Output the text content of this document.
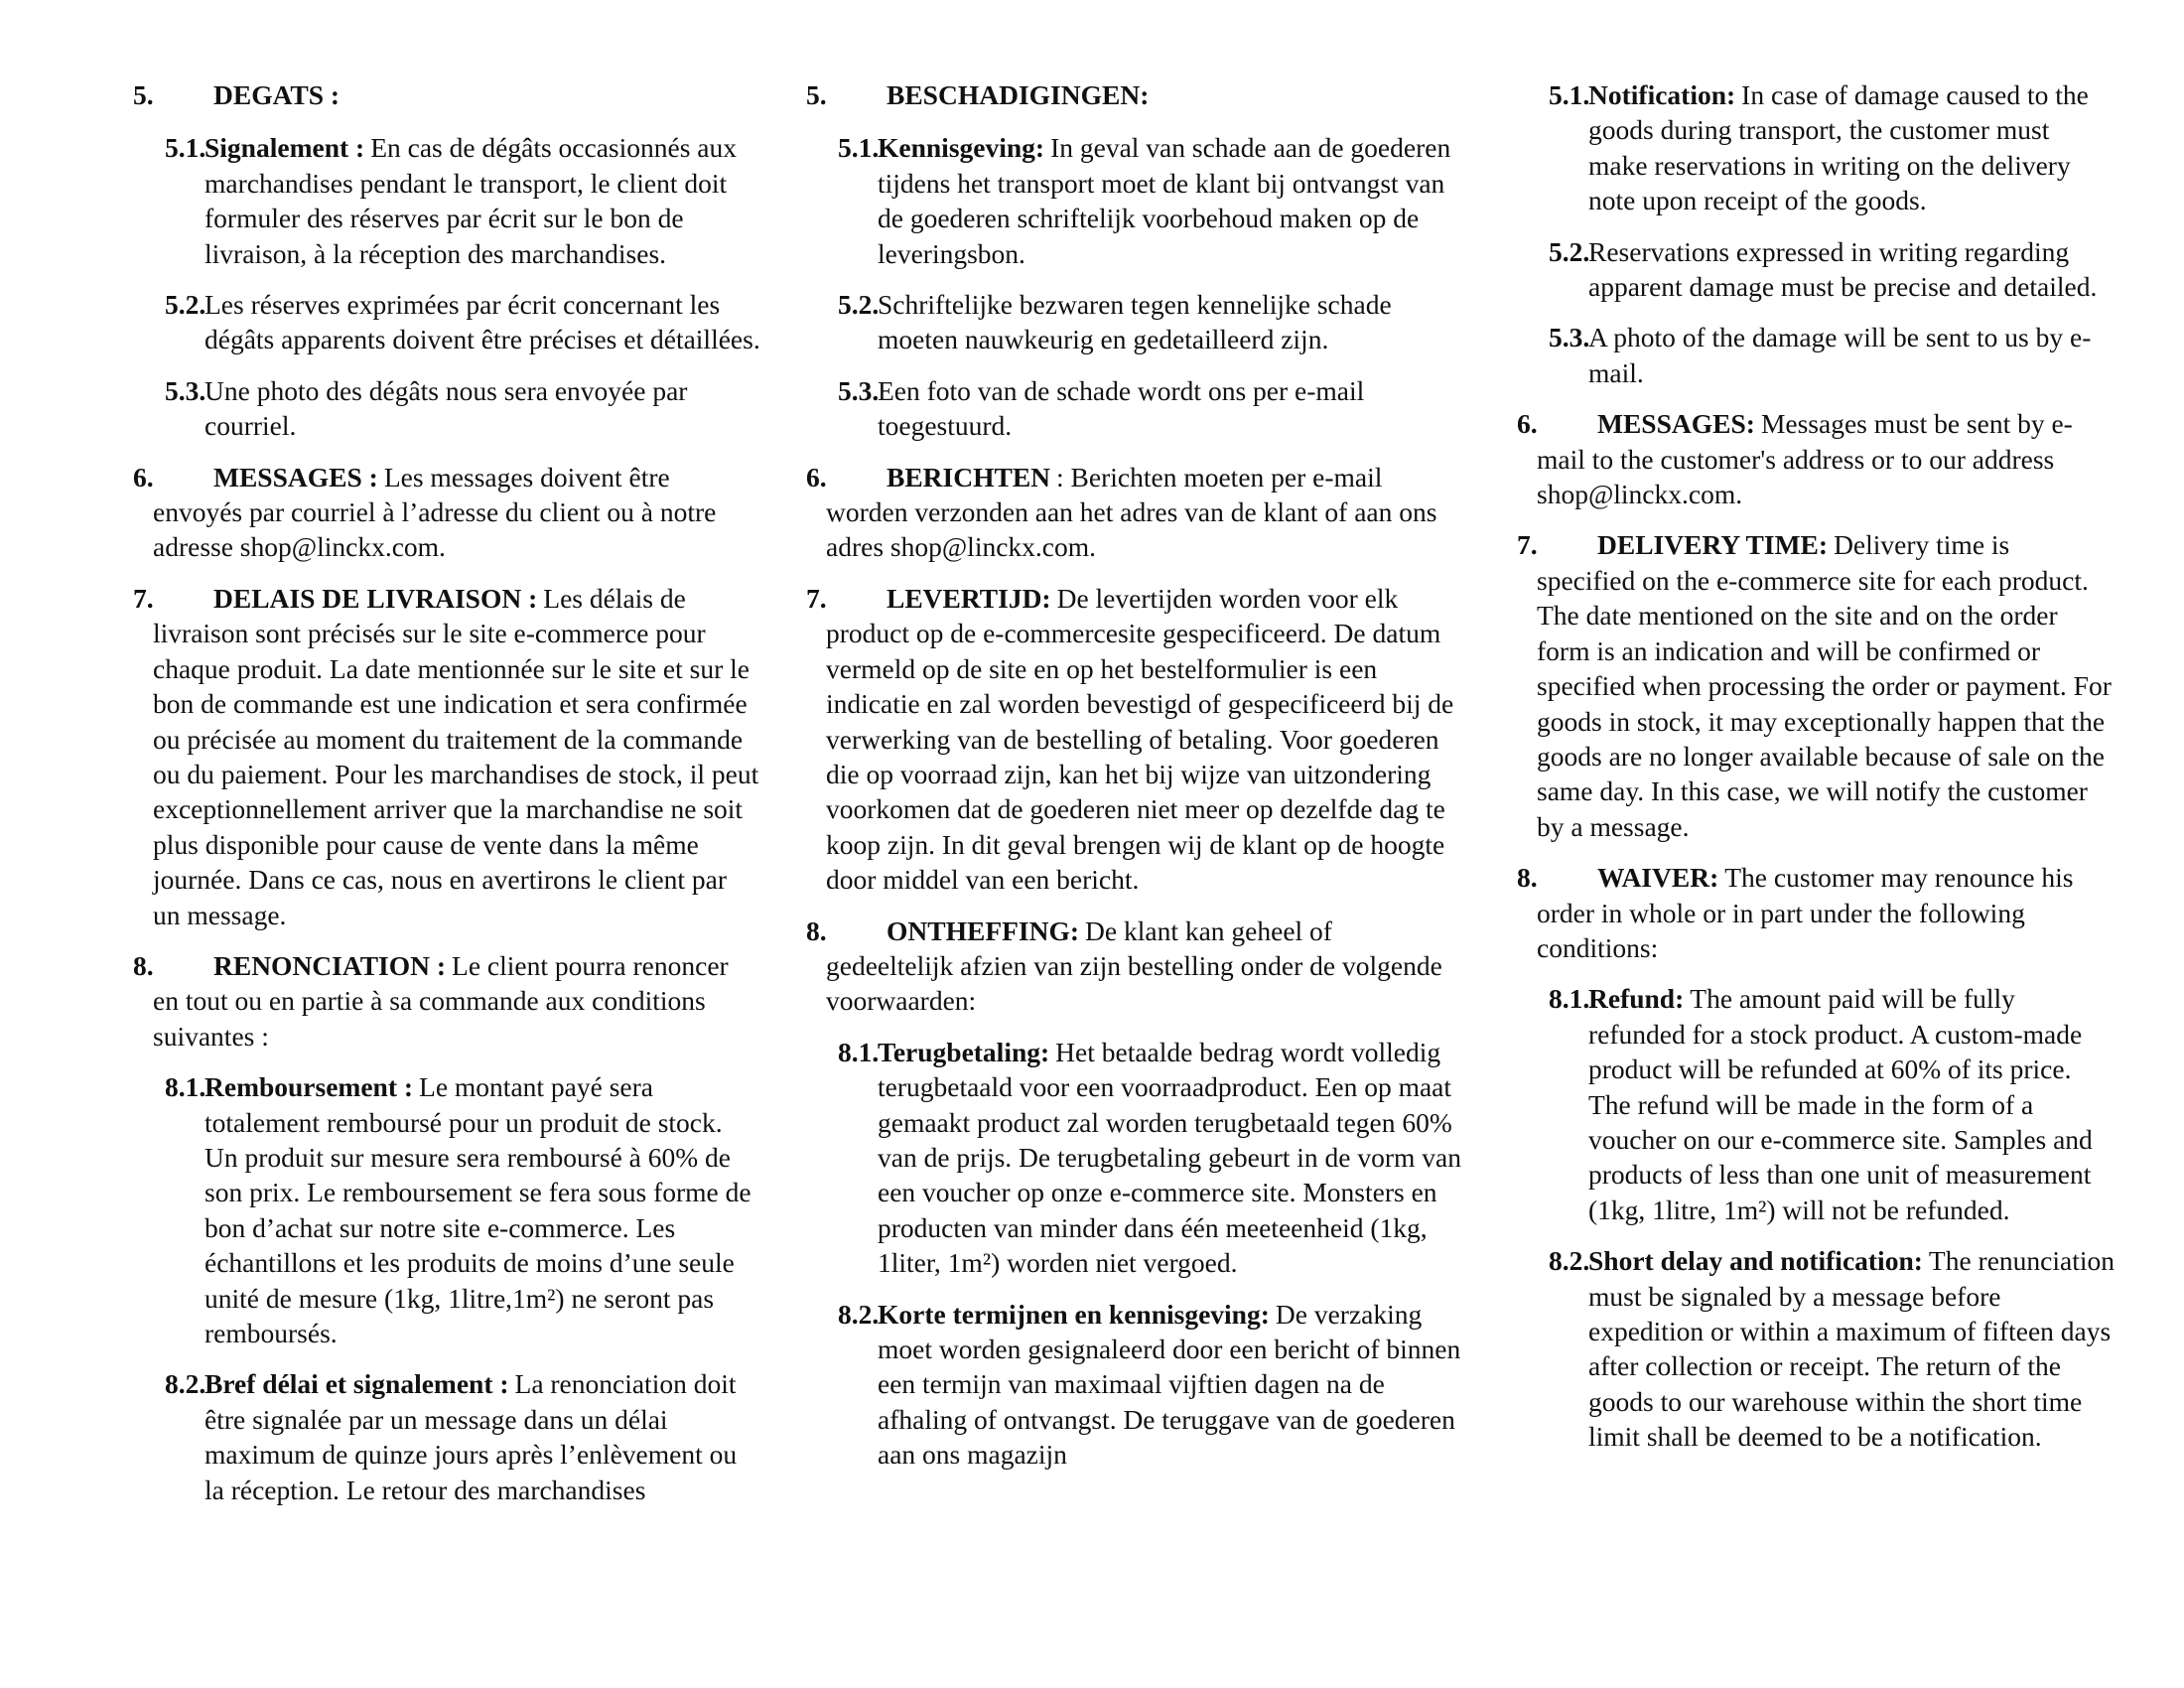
5. DEGATS :
5.1.
Signalement : En cas de dégâts occasionnés aux marchandises pendant le transport, le client doit formuler des réserves par écrit sur le bon de livraison, à la réception des marchandises.
5.2.
Les réserves exprimées par écrit concernant les dégâts apparents doivent être précises et détaillées.
5.3.
Une photo des dégâts nous sera envoyée par courriel.
6. MESSAGES : Les messages doivent être envoyés par courriel à l’adresse du client ou à notre adresse shop@linckx.com.
7. DELAIS DE LIVRAISON : Les délais de livraison sont précisés sur le site e-commerce pour chaque produit. La date mentionnée sur le site et sur le bon de commande est une indication et sera confirmée ou précisée au moment du traitement de la commande ou du paiement. Pour les marchandises de stock, il peut exceptionnellement arriver que la marchandise ne soit plus disponible pour cause de vente dans la même journée. Dans ce cas, nous en avertirons le client par un message.
8. RENONCIATION : Le client pourra renoncer en tout ou en partie à sa commande aux conditions suivantes :
8.1.
Remboursement : Le montant payé sera totalement remboursé pour un produit de stock. Un produit sur mesure sera remboursé à 60% de son prix. Le remboursement se fera sous forme de bon d’achat sur notre site e-commerce. Les échantillons et les produits de moins d’une seule unité de mesure (1kg, 1litre,1m²) ne seront pas remboursés.
8.2.
Bref délai et signalement : La renonciation doit être signalée par un message dans un délai maximum de quinze jours après l’enlèvement ou la réception. Le retour des marchandises
5. BESCHADIGINGEN:
5.1.
Kennisgeving: In geval van schade aan de goederen tijdens het transport moet de klant bij ontvangst van de goederen schriftelijk voorbehoud maken op de leveringsbon.
5.2.
Schriftelijke bezwaren tegen kennelijke schade moeten nauwkeurig en gedetailleerd zijn.
5.3.
Een foto van de schade wordt ons per e-mail toegestuurd.
6. BERICHTEN : Berichten moeten per e-mail worden verzonden aan het adres van de klant of aan ons adres shop@linckx.com.
7. LEVERTIJD: De levertijden worden voor elk product op de e-commercesite gespecificeerd. De datum vermeld op de site en op het bestelformulier is een indicatie en zal worden bevestigd of gespecificeerd bij de verwerking van de bestelling of betaling. Voor goederen die op voorraad zijn, kan het bij wijze van uitzondering voorkomen dat de goederen niet meer op dezelfde dag te koop zijn. In dit geval brengen wij de klant op de hoogte door middel van een bericht.
8. ONTHEFFING: De klant kan geheel of gedeeltelijk afzien van zijn bestelling onder de volgende voorwaarden:
8.1.
Terugbetaling: Het betaalde bedrag wordt volledig terugbetaald voor een voorraadproduct. Een op maat gemaakt product zal worden terugbetaald tegen 60% van de prijs. De terugbetaling gebeurt in de vorm van een voucher op onze e-commerce site. Monsters en producten van minder dans één meeteenheid (1kg, 1liter, 1m²) worden niet vergoed.
8.2.
Korte termijnen en kennisgeving: De verzaking moet worden gesignaleerd door een bericht of binnen een termijn van maximaal vijftien dagen na de afhaling of ontvangst. De teruggave van de goederen aan ons magazijn
5.1.
Notification: In case of damage caused to the goods during transport, the customer must make reservations in writing on the delivery note upon receipt of the goods.
5.2.
Reservations expressed in writing regarding apparent damage must be precise and detailed.
5.3.
A photo of the damage will be sent to us by e-mail.
6. MESSAGES: Messages must be sent by e-mail to the customer's address or to our address shop@linckx.com.
7. DELIVERY TIME: Delivery time is specified on the e-commerce site for each product. The date mentioned on the site and on the order form is an indication and will be confirmed or specified when processing the order or payment. For goods in stock, it may exceptionally happen that the goods are no longer available because of sale on the same day. In this case, we will notify the customer by a message.
8. WAIVER: The customer may renounce his order in whole or in part under the following conditions:
8.1.
Refund: The amount paid will be fully refunded for a stock product. A custom-made product will be refunded at 60% of its price. The refund will be made in the form of a voucher on our e-commerce site. Samples and products of less than one unit of measurement (1kg, 1litre, 1m²) will not be refunded.
8.2.
Short delay and notification: The renunciation must be signaled by a message before expedition or within a maximum of fifteen days after collection or receipt. The return of the goods to our warehouse within the short time limit shall be deemed to be a notification.
